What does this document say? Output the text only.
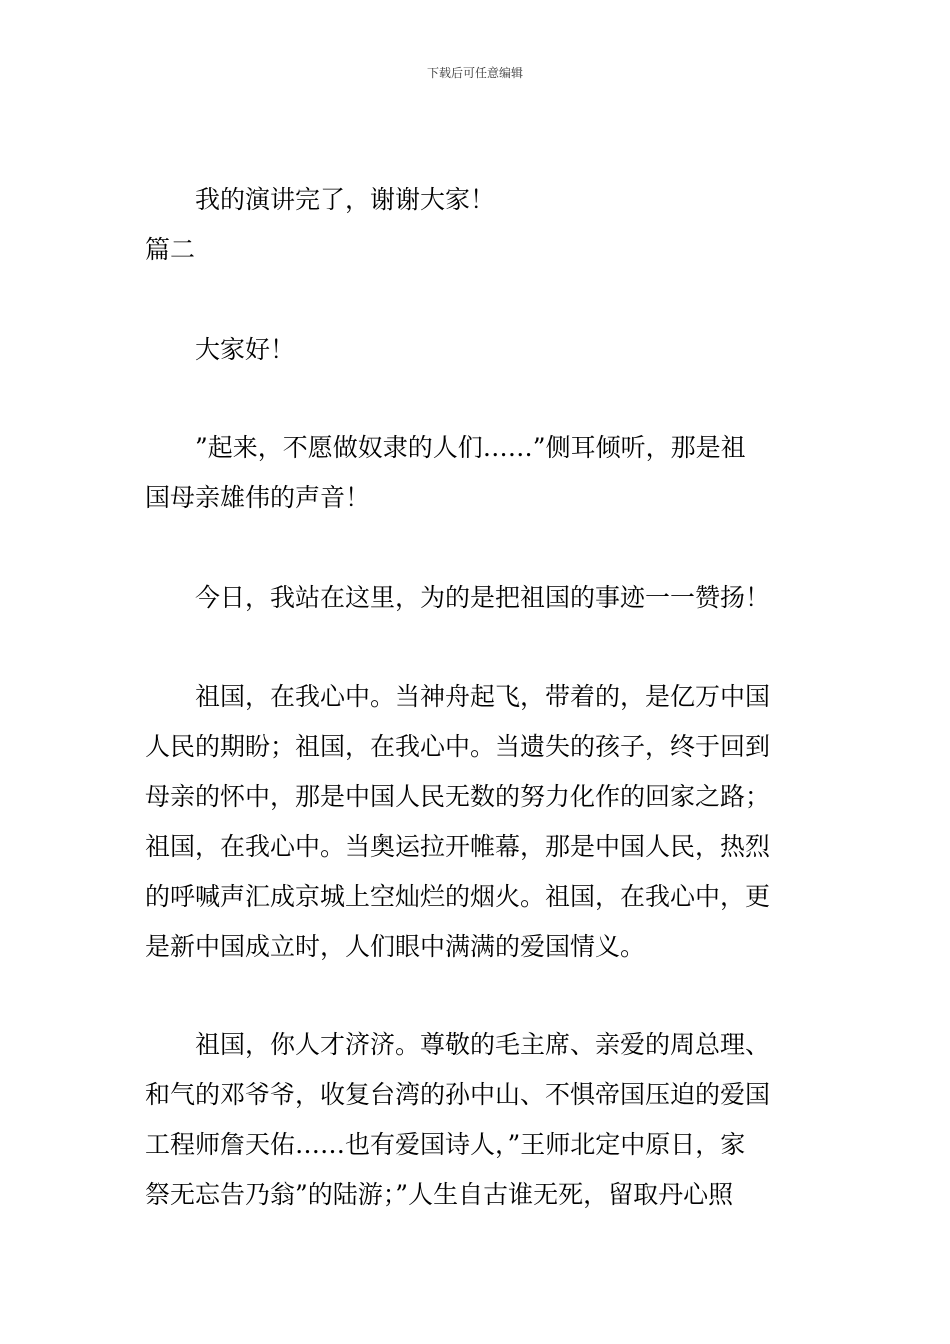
下载后可任意编辑
我的演讲完了，谢谢大家！
篇二
大家好！
”起来，不愿做奴隶的人们……”侧耳倾听，那是祖
国母亲雄伟的声音！
今日，我站在这里，为的是把祖国的事迹一一赞扬！
祖国，在我心中。当神舟起飞，带着的，是亿万中国
人民的期盼；祖国，在我心中。当遗失的孩子，终于回到
母亲的怀中，那是中国人民无数的努力化作的回家之路；
祖国，在我心中。当奥运拉开帷幕，那是中国人民，热烈
的呼喊声汇成京城上空灿烂的烟火。祖国，在我心中，更
是新中国成立时，人们眼中满满的爱国情义。
祖国，你人才济济。尊敬的毛主席、亲爱的周总理、
和气的邓爷爷，收复台湾的孙中山、不惧帝国压迫的爱国
工程师詹天佑……也有爱国诗人，”王师北定中原日，家
祭无忘告乃翁”的陆游；”人生自古谁无死，留取丹心照
